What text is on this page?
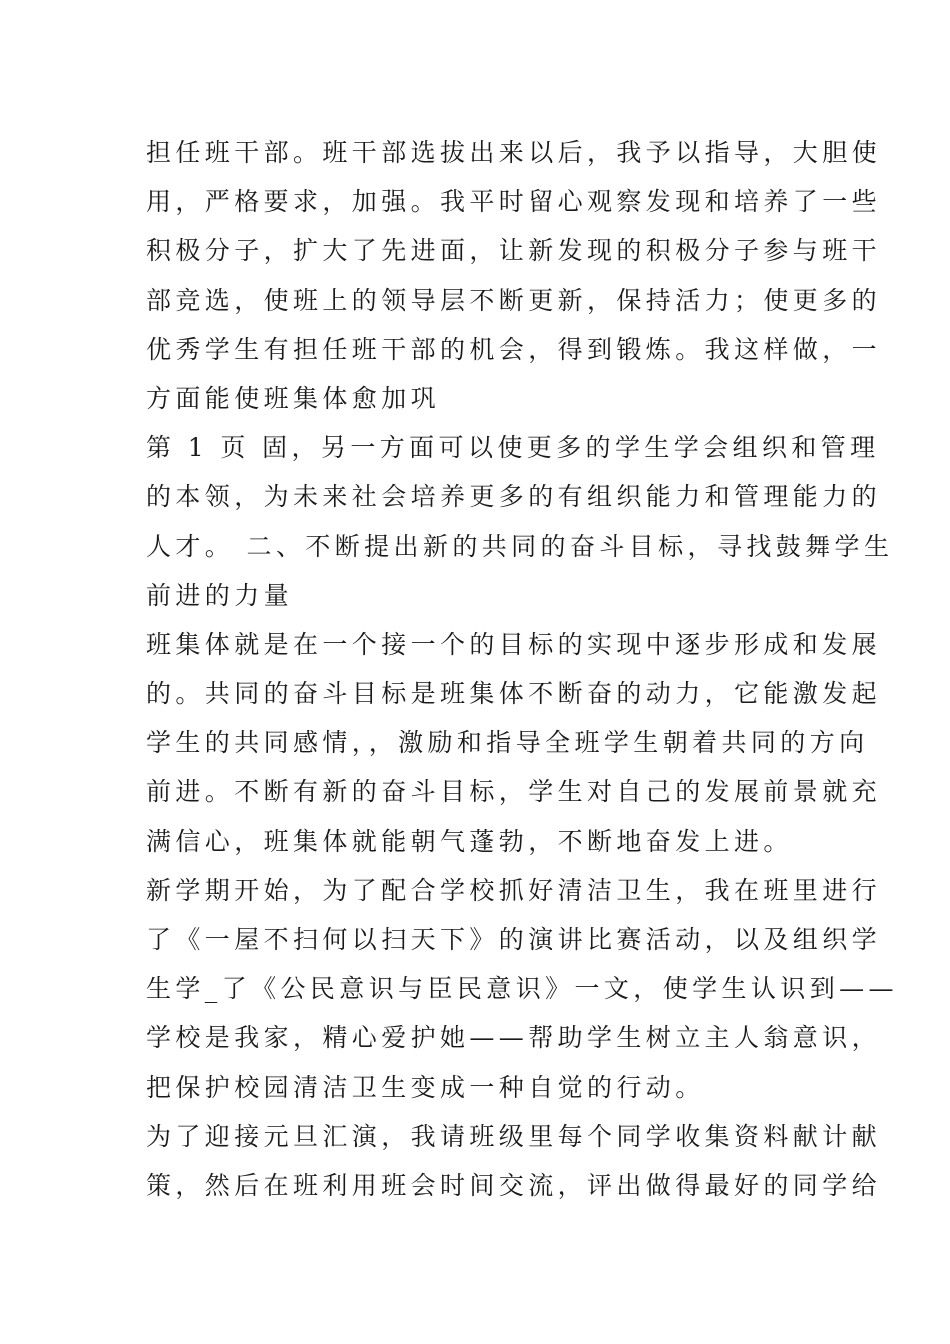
担任班干部。班干部选拔出来以后，我予以指导，大胆使
用，严格要求，加强。我平时留心观察发现和培养了一些
积极分子，扩大了先进面，让新发现的积极分子参与班干
部竞选，使班上的领导层不断更新，保持活力；使更多的
优秀学生有担任班干部的机会，得到锻炼。我这样做，一
方面能使班集体愈加巩
第 1 页 固，另一方面可以使更多的学生学会组织和管理
的本领，为未来社会培养更多的有组织能力和管理能力的
人才。 二、不断提出新的共同的奋斗目标，寻找鼓舞学生
前进的力量
班集体就是在一个接一个的目标的实现中逐步形成和发展
的。共同的奋斗目标是班集体不断奋的动力，它能激发起
学生的共同感情，，激励和指导全班学生朝着共同的方向
前进。不断有新的奋斗目标，学生对自己的发展前景就充
满信心，班集体就能朝气蓬勃，不断地奋发上进。
新学期开始，为了配合学校抓好清洁卫生，我在班里进行
了《一屋不扫何以扫天下》的演讲比赛活动，以及组织学
生学_了《公民意识与臣民意识》一文，使学生认识到——
学校是我家，精心爱护她——帮助学生树立主人翁意识，
把保护校园清洁卫生变成一种自觉的行动。
为了迎接元旦汇演，我请班级里每个同学收集资料献计献
策，然后在班利用班会时间交流，评出做得最好的同学给
